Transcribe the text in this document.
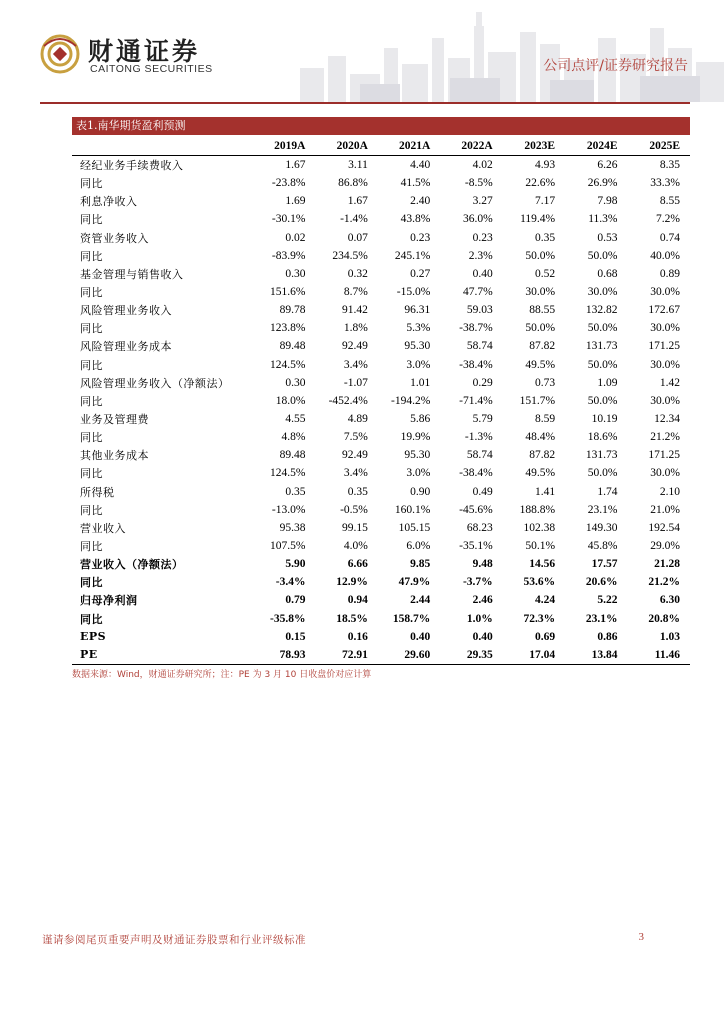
财通证券
CAITONG SECURITIES	公司点评/证券研究报告
表1.南华期货盈利预测
	2019A	2020A	2021A	2022A	2023E	2024E	2025E
经纪业务手续费收入	1.67	3.11	4.40	4.02	4.93	6.26	8.35
同比	-23.8%	86.8%	41.5%	-8.5%	22.6%	26.9%	33.3%
利息净收入	1.69	1.67	2.40	3.27	7.17	7.98	8.55
同比	-30.1%	-1.4%	43.8%	36.0%	119.4%	11.3%	7.2%
资管业务收入	0.02	0.07	0.23	0.23	0.35	0.53	0.74
同比	-83.9%	234.5%	245.1%	2.3%	50.0%	50.0%	40.0%
基金管理与销售收入	0.30	0.32	0.27	0.40	0.52	0.68	0.89
同比	151.6%	8.7%	-15.0%	47.7%	30.0%	30.0%	30.0%
风险管理业务收入	89.78	91.42	96.31	59.03	88.55	132.82	172.67
同比	123.8%	1.8%	5.3%	-38.7%	50.0%	50.0%	30.0%
风险管理业务成本	89.48	92.49	95.30	58.74	87.82	131.73	171.25
同比	124.5%	3.4%	3.0%	-38.4%	49.5%	50.0%	30.0%
风险管理业务收入（净额法）	0.30	-1.07	1.01	0.29	0.73	1.09	1.42
同比	18.0%	-452.4%	-194.2%	-71.4%	151.7%	50.0%	30.0%
业务及管理费	4.55	4.89	5.86	5.79	8.59	10.19	12.34
同比	4.8%	7.5%	19.9%	-1.3%	48.4%	18.6%	21.2%
其他业务成本	89.48	92.49	95.30	58.74	87.82	131.73	171.25
同比	124.5%	3.4%	3.0%	-38.4%	49.5%	50.0%	30.0%
所得税	0.35	0.35	0.90	0.49	1.41	1.74	2.10
同比	-13.0%	-0.5%	160.1%	-45.6%	188.8%	23.1%	21.0%
营业收入	95.38	99.15	105.15	68.23	102.38	149.30	192.54
同比	107.5%	4.0%	6.0%	-35.1%	50.1%	45.8%	29.0%
营业收入（净额法）	5.90	6.66	9.85	9.48	14.56	17.57	21.28
同比	-3.4%	12.9%	47.9%	-3.7%	53.6%	20.6%	21.2%
归母净利润	0.79	0.94	2.44	2.46	4.24	5.22	6.30
同比	-35.8%	18.5%	158.7%	1.0%	72.3%	23.1%	20.8%
EPS	0.15	0.16	0.40	0.40	0.69	0.86	1.03
PE	78.93	72.91	29.60	29.35	17.04	13.84	11.46
数据来源：Wind，财通证券研究所；注：PE 为 3 月 10 日收盘价对应计算
谨请参阅尾页重要声明及财通证券股票和行业评级标准	3
